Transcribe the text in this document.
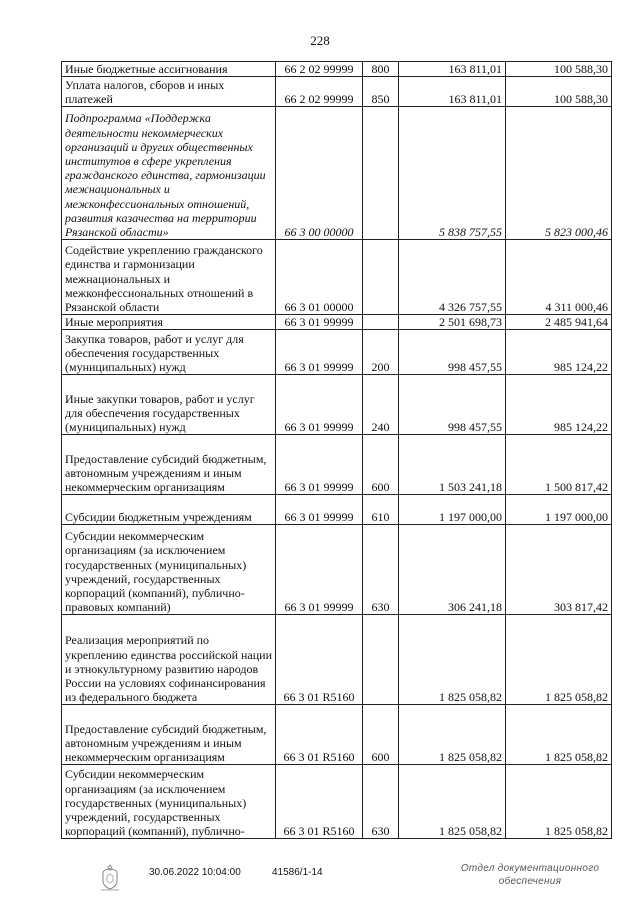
228
Иные бюджетные ассигнования	66 2 02 99999	800	163 811,01	100 588,30
Уплата налогов, сборов и иных платежей	66 2 02 99999	850	163 811,01	100 588,30
Подпрограмма «Поддержка деятельности некоммерческих организаций и других общественных институтов в сфере укрепления гражданского единства, гармонизации межнациональных и межконфессиональных отношений, развития казачества на территории Рязанской области»	66 3 00 00000		5 838 757,55	5 823 000,46
Содействие укреплению гражданского единства и гармонизации межнациональных и межконфессиональных отношений в Рязанской области	66 3 01 00000		4 326 757,55	4 311 000,46
Иные мероприятия	66 3 01 99999		2 501 698,73	2 485 941,64
Закупка товаров, работ и услуг для обеспечения государственных (муниципальных) нужд	66 3 01 99999	200	998 457,55	985 124,22
Иные закупки товаров, работ и услуг для обеспечения государственных (муниципальных) нужд	66 3 01 99999	240	998 457,55	985 124,22
Предоставление субсидий бюджетным, автономным учреждениям и иным некоммерческим организациям	66 3 01 99999	600	1 503 241,18	1 500 817,42
Субсидии бюджетным учреждениям	66 3 01 99999	610	1 197 000,00	1 197 000,00
Субсидии некоммерческим организациям (за исключением государственных (муниципальных) учреждений, государственных корпораций (компаний), публично-правовых компаний)	66 3 01 99999	630	306 241,18	303 817,42
Реализация мероприятий по укреплению единства российской нации и этнокультурному развитию народов России на условиях софинансирования из федерального бюджета	66 3 01 R5160		1 825 058,82	1 825 058,82
Предоставление субсидий бюджетным, автономным учреждениям и иным некоммерческим организациям	66 3 01 R5160	600	1 825 058,82	1 825 058,82
Субсидии некоммерческим организациям (за исключением государственных (муниципальных) учреждений, государственных корпораций (компаний), публично-	66 3 01 R5160	630	1 825 058,82	1 825 058,82
30.06.2022 10:04:00	41586/1-14	Отдел документационного
обеспечения
